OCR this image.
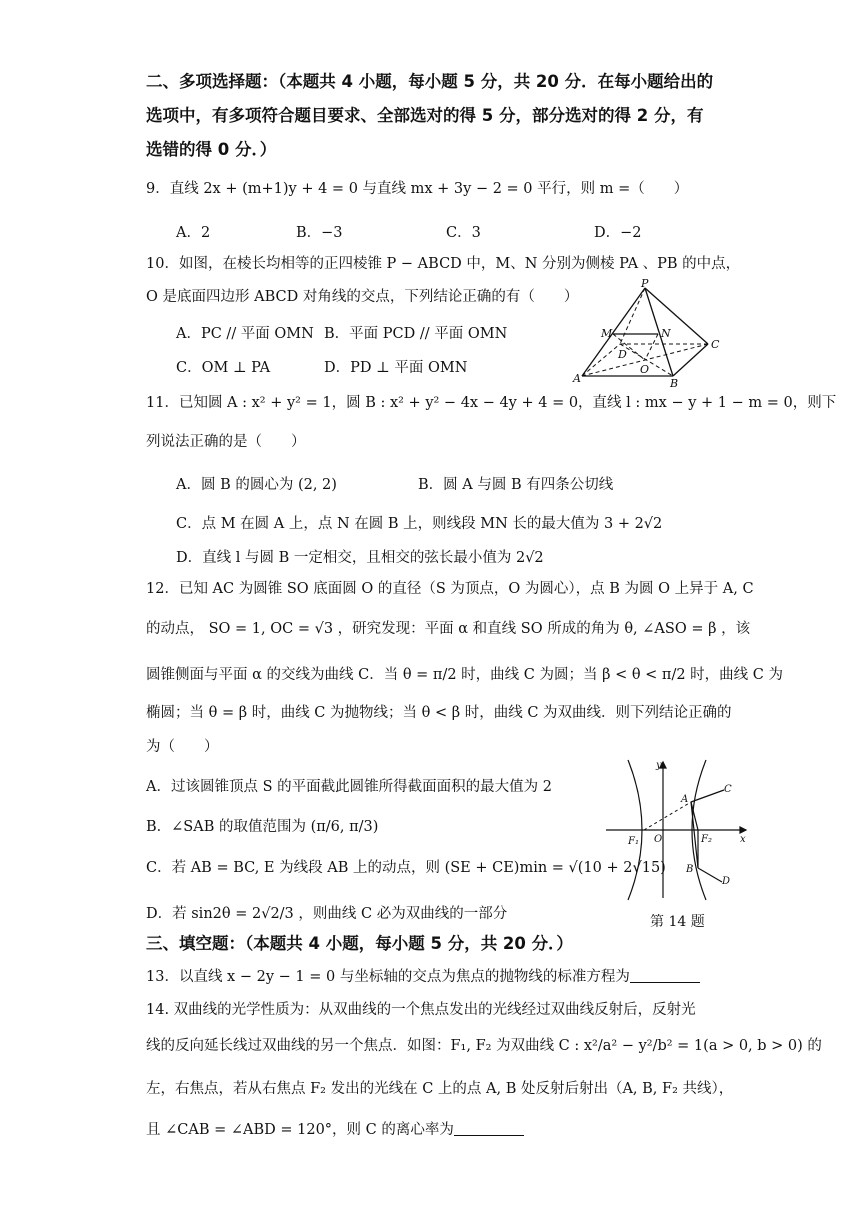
二、多项选择题：（本题共 4 小题，每小题 5 分，共 20 分．在每小题给出的
选项中，有多项符合题目要求、全部选对的得 5 分，部分选对的得 2 分，有
选错的得 0 分．）
9．直线 2x + (m+1)y + 4 = 0 与直线 mx + 3y − 2 = 0 平行，则 m =（　　）
A．2	B．−3	C．3	D．−2
10．如图，在棱长均相等的正四棱锥 P − ABCD 中，M、N 分别为侧棱 PA 、PB 的中点，
O 是底面四边形 ABCD 对角线的交点，下列结论正确的有（　　）
A．PC // 平面 OMN B．平面 PCD // 平面 OMN
C．OM ⊥ PA	D．PD ⊥ 平面 OMN
P
M	N
D
C
O
A	B
11．已知圆 A : x² + y² = 1，圆 B : x² + y² − 4x − 4y + 4 = 0，直线 l : mx − y + 1 − m = 0，则下
列说法正确的是（　　）
A．圆 B 的圆心为 (2, 2)	B．圆 A 与圆 B 有四条公切线
C．点 M 在圆 A 上，点 N 在圆 B 上，则线段 MN 长的最大值为 3 + 2√2
D．直线 l 与圆 B 一定相交，且相交的弦长最小值为 2√2
12．已知 AC 为圆锥 SO 底面圆 O 的直径（S 为顶点，O 为圆心），点 B 为圆 O 上异于 A, C
的动点， SO = 1, OC = √3 ，研究发现：平面 α 和直线 SO 所成的角为 θ, ∠ASO = β ，该
圆锥侧面与平面 α 的交线为曲线 C．当 θ = π/2 时，曲线 C 为圆；当 β < θ < π/2 时，曲线 C 为
椭圆；当 θ = β 时，曲线 C 为抛物线；当 θ < β 时，曲线 C 为双曲线．则下列结论正确的
为（　　）
A．过该圆锥顶点 S 的平面截此圆锥所得截面面积的最大值为 2
B．∠SAB 的取值范围为 (π/6, π/3)
C．若 AB = BC, E 为线段 AB 上的动点，则 (SE + CE)min = √(10 + 2√15)
D．若 sin2θ = 2√2/3 ，则曲线 C 必为双曲线的一部分
y
C
A
F₁ O	F₂	x
B
D
第 14 题
三、填空题：（本题共 4 小题，每小题 5 分，共 20 分．）
13．以直线 x − 2y − 1 = 0 与坐标轴的交点为焦点的抛物线的标准方程为
14. 双曲线的光学性质为：从双曲线的一个焦点发出的光线经过双曲线反射后，反射光
线的反向延长线过双曲线的另一个焦点．如图：F₁, F₂ 为双曲线 C : x²/a² − y²/b² = 1(a > 0, b > 0) 的
左，右焦点，若从右焦点 F₂ 发出的光线在 C 上的点 A, B 处反射后射出（A, B, F₂ 共线），
且 ∠CAB = ∠ABD = 120°，则 C 的离心率为
